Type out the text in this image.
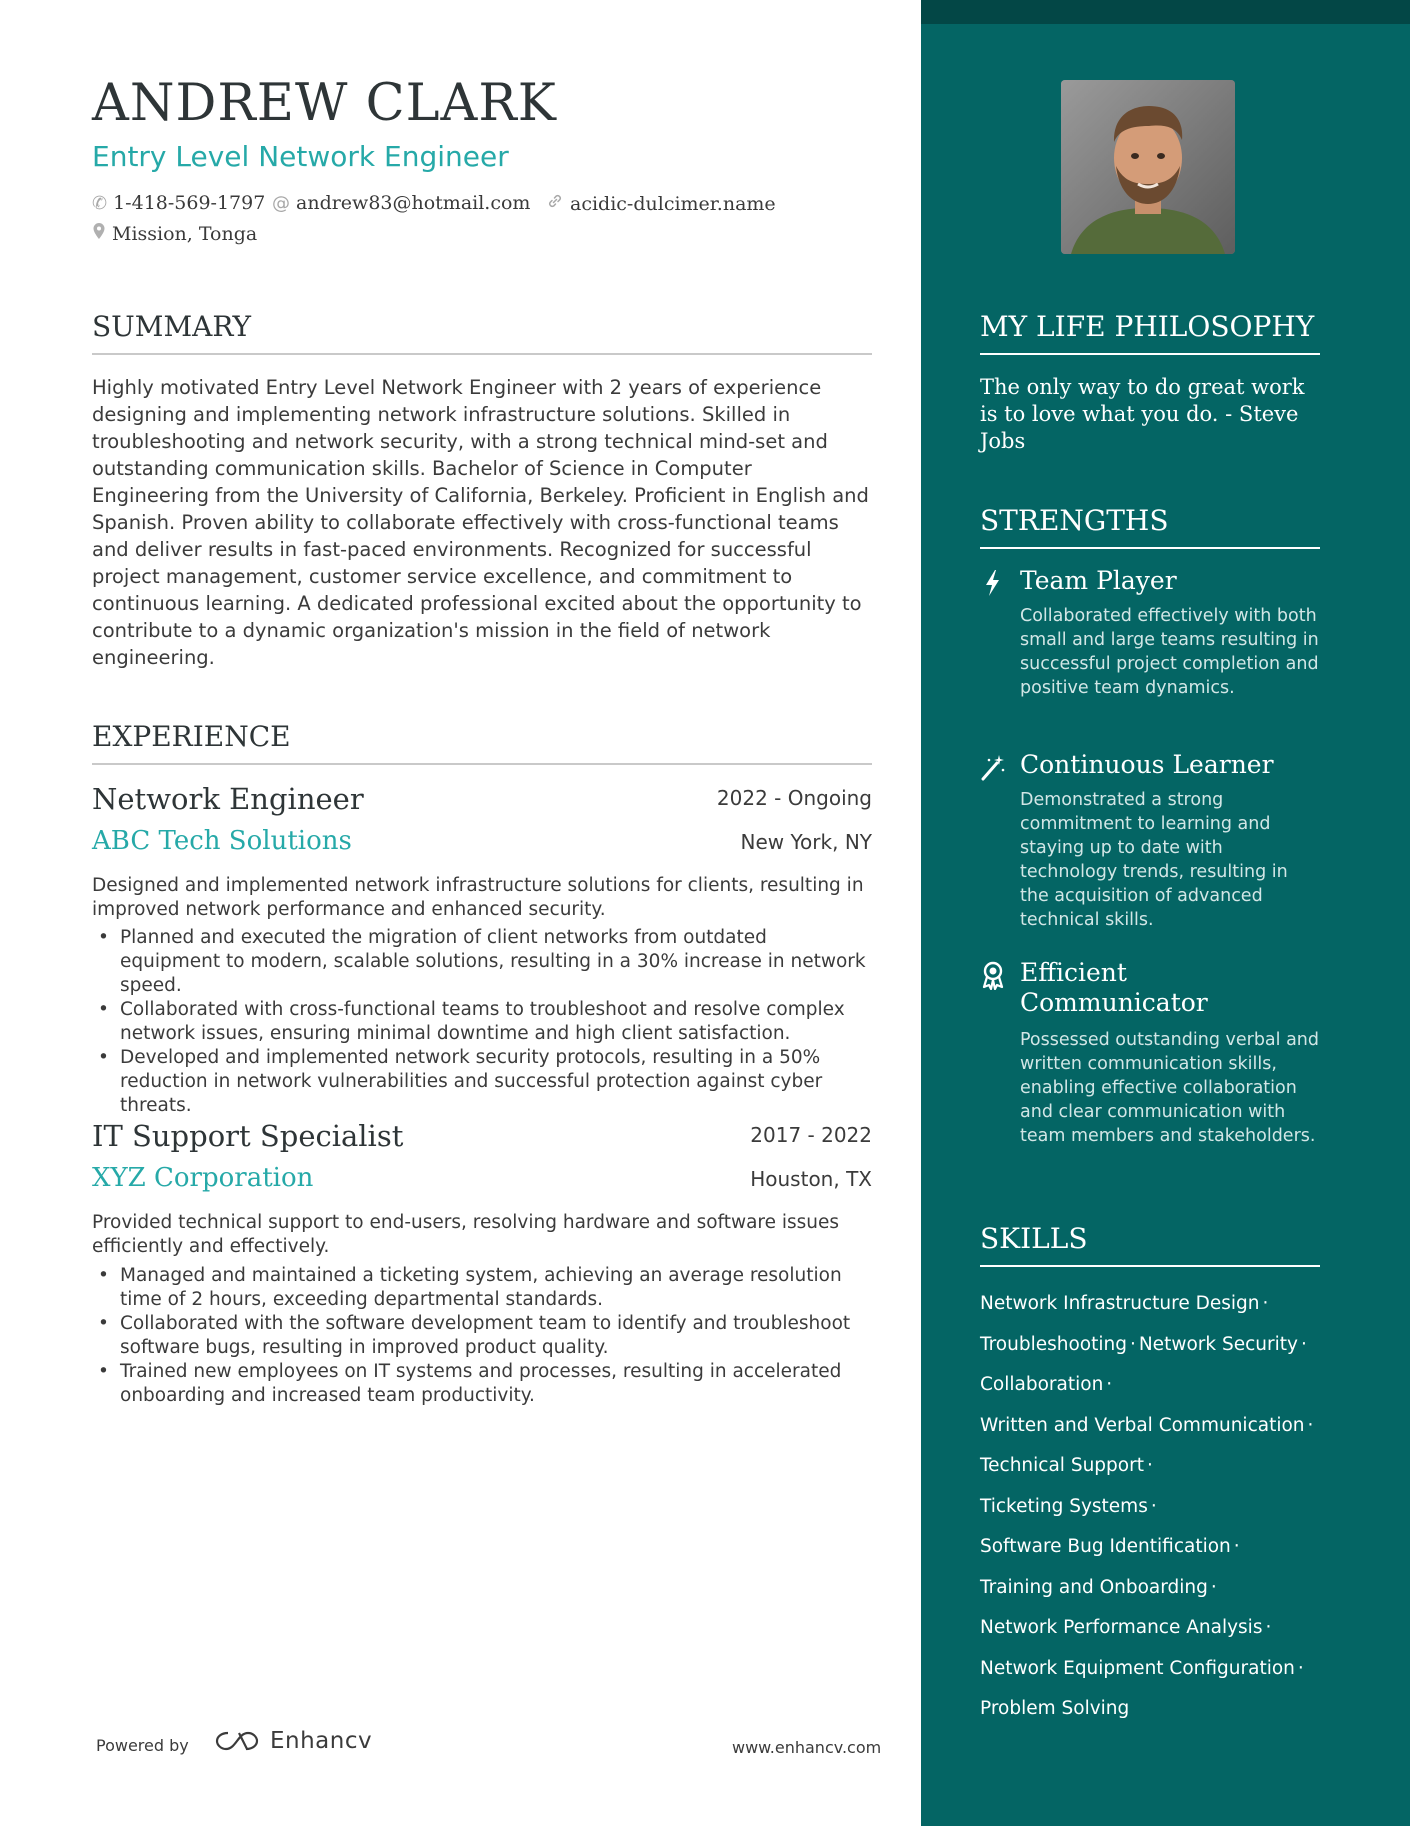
ANDREW CLARK
Entry Level Network Engineer
✆ 1-418-569-1797 @ andrew83@hotmail.com acidic-dulcimer.name
Mission, Tonga
SUMMARY
Highly motivated Entry Level Network Engineer with 2 years of experience designing and implementing network infrastructure solutions. Skilled in troubleshooting and network security, with a strong technical mind-set and outstanding communication skills. Bachelor of Science in Computer Engineering from the University of California, Berkeley. Proficient in English and Spanish. Proven ability to collaborate effectively with cross-functional teams and deliver results in fast-paced environments. Recognized for successful project management, customer service excellence, and commitment to continuous learning. A dedicated professional excited about the opportunity to contribute to a dynamic organization's mission in the field of network engineering.
EXPERIENCE
Network Engineer	2022 - Ongoing
ABC Tech Solutions	New York, NY
Designed and implemented network infrastructure solutions for clients, resulting in improved network performance and enhanced security.
• Planned and executed the migration of client networks from outdated equipment to modern, scalable solutions, resulting in a 30% increase in network speed.
• Collaborated with cross-functional teams to troubleshoot and resolve complex network issues, ensuring minimal downtime and high client satisfaction.
• Developed and implemented network security protocols, resulting in a 50% reduction in network vulnerabilities and successful protection against cyber threats.
IT Support Specialist	2017 - 2022
XYZ Corporation	Houston, TX
Provided technical support to end-users, resolving hardware and software issues efficiently and effectively.
• Managed and maintained a ticketing system, achieving an average resolution time of 2 hours, exceeding departmental standards.
• Collaborated with the software development team to identify and troubleshoot software bugs, resulting in improved product quality.
• Trained new employees on IT systems and processes, resulting in accelerated onboarding and increased team productivity.
Powered by	Enhancv	www.enhancv.com
MY LIFE PHILOSOPHY
The only way to do great work is to love what you do. - Steve Jobs
STRENGTHS
Team Player
Collaborated effectively with both small and large teams resulting in successful project completion and positive team dynamics.
Continuous Learner
Demonstrated a strong commitment to learning and staying up to date with technology trends, resulting in the acquisition of advanced technical skills.
Efficient Communicator
Possessed outstanding verbal and written communication skills, enabling effective collaboration and clear communication with team members and stakeholders.
SKILLS
Network Infrastructure Design ·
Troubleshooting · Network Security ·
Collaboration ·
Written and Verbal Communication ·
Technical Support ·
Ticketing Systems ·
Software Bug Identification ·
Training and Onboarding ·
Network Performance Analysis ·
Network Equipment Configuration ·
Problem Solving
